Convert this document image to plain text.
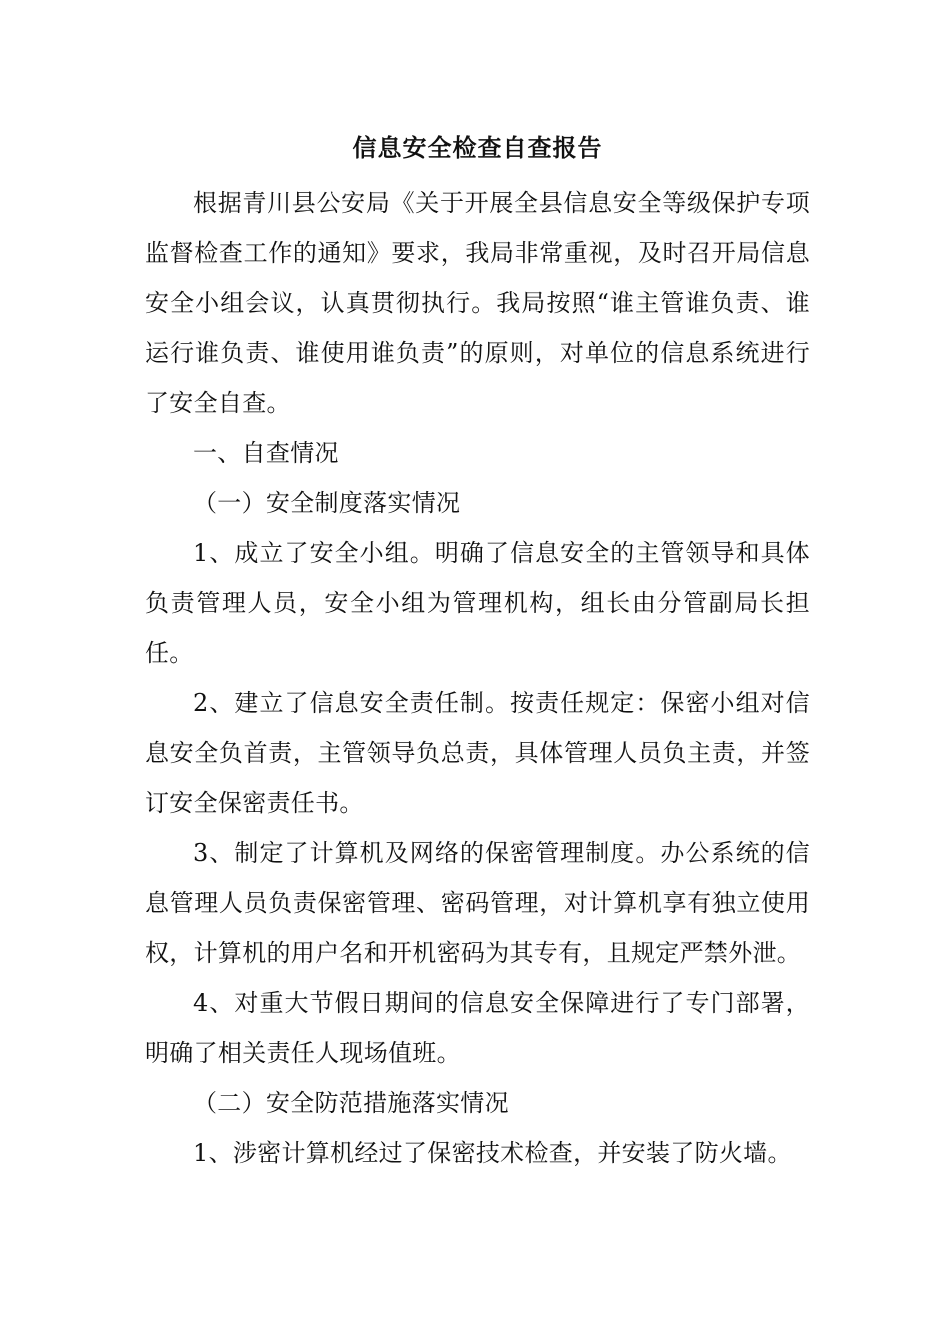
信息安全检查自查报告

根据青川县公安局《关于开展全县信息安全等级保护专项监督检查工作的通知》要求，我局非常重视，及时召开局信息安全小组会议，认真贯彻执行。我局按照“谁主管谁负责、谁运行谁负责、谁使用谁负责”的原则，对单位的信息系统进行了安全自查。

一、自查情况

（一）安全制度落实情况

1、成立了安全小组。明确了信息安全的主管领导和具体负责管理人员，安全小组为管理机构，组长由分管副局长担任。

2、建立了信息安全责任制。按责任规定：保密小组对信息安全负首责，主管领导负总责，具体管理人员负主责，并签订安全保密责任书。

3、制定了计算机及网络的保密管理制度。办公系统的信息管理人员负责保密管理、密码管理，对计算机享有独立使用权，计算机的用户名和开机密码为其专有，且规定严禁外泄。

4、对重大节假日期间的信息安全保障进行了专门部署，明确了相关责任人现场值班。

（二）安全防范措施落实情况

1、涉密计算机经过了保密技术检查，并安装了防火墙。
